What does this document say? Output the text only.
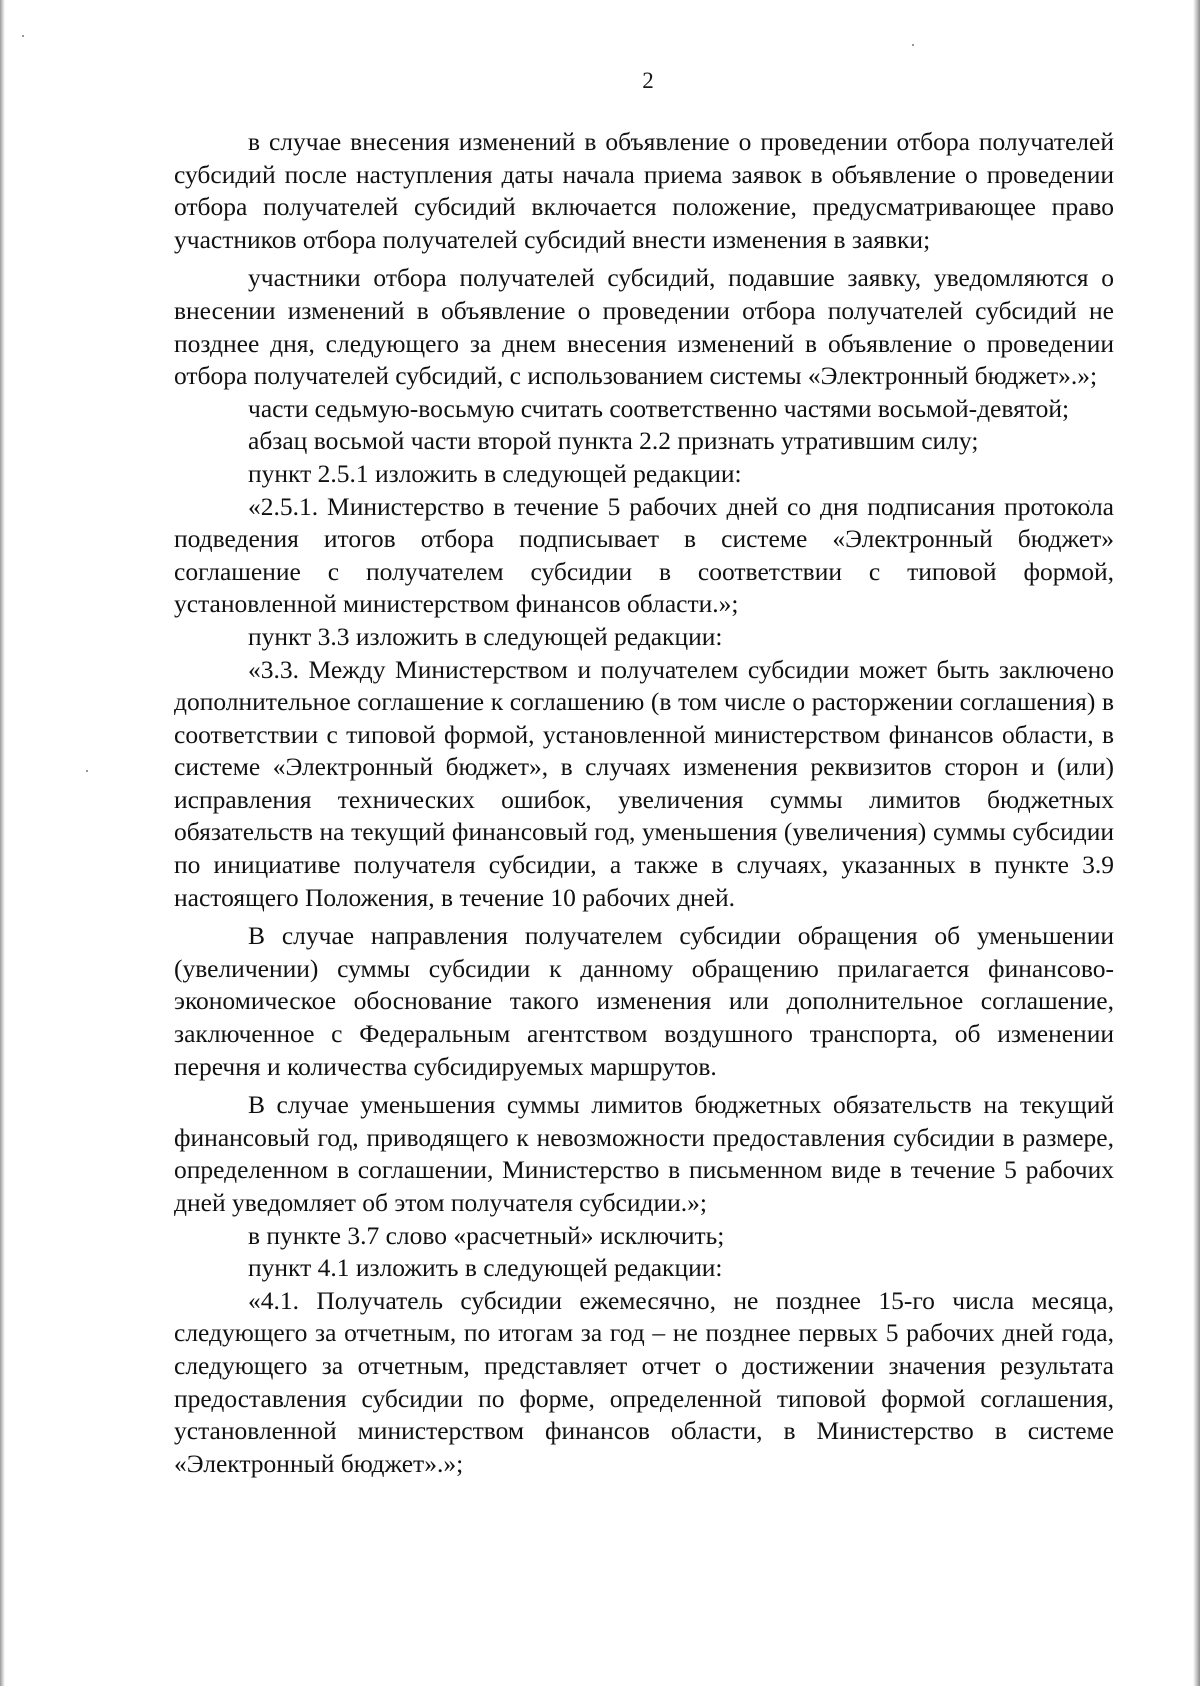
2

в случае внесения изменений в объявление о проведении отбора получателей субсидий после наступления даты начала приема заявок в объявление о проведении отбора получателей субсидий включается положение, предусматривающее право участников отбора получателей субсидий внести изменения в заявки;

участники отбора получателей субсидий, подавшие заявку, уведомляются о внесении изменений в объявление о проведении отбора получателей субсидий не позднее дня, следующего за днем внесения изменений в объявление о проведении отбора получателей субсидий, с использованием системы «Электронный бюджет».»;

части седьмую-восьмую считать соответственно частями восьмой-девятой;

абзац восьмой части второй пункта 2.2 признать утратившим силу;

пункт 2.5.1 изложить в следующей редакции:

«2.5.1. Министерство в течение 5 рабочих дней со дня подписания протокола подведения итогов отбора подписывает в системе «Электронный бюджет» соглашение с получателем субсидии в соответствии с типовой формой, установленной министерством финансов области.»;

пункт 3.3 изложить в следующей редакции:

«3.3. Между Министерством и получателем субсидии может быть заключено дополнительное соглашение к соглашению (в том числе о расторжении соглашения) в соответствии с типовой формой, установленной министерством финансов области, в системе «Электронный бюджет», в случаях изменения реквизитов сторон и (или) исправления технических ошибок, увеличения суммы лимитов бюджетных обязательств на текущий финансовый год, уменьшения (увеличения) суммы субсидии по инициативе получателя субсидии, а также в случаях, указанных в пункте 3.9 настоящего Положения, в течение 10 рабочих дней.

В случае направления получателем субсидии обращения об уменьшении (увеличении) суммы субсидии к данному обращению прилагается финансово-экономическое обоснование такого изменения или дополнительное соглашение, заключенное с Федеральным агентством воздушного транспорта, об изменении перечня и количества субсидируемых маршрутов.

В случае уменьшения суммы лимитов бюджетных обязательств на текущий финансовый год, приводящего к невозможности предоставления субсидии в размере, определенном в соглашении, Министерство в письменном виде в течение 5 рабочих дней уведомляет об этом получателя субсидии.»;

в пункте 3.7 слово «расчетный» исключить;

пункт 4.1 изложить в следующей редакции:

«4.1. Получатель субсидии ежемесячно, не позднее 15-го числа месяца, следующего за отчетным, по итогам за год – не позднее первых 5 рабочих дней года, следующего за отчетным, представляет отчет о достижении значения результата предоставления субсидии по форме, определенной типовой формой соглашения, установленной министерством финансов области, в Министерство в системе «Электронный бюджет».»;
